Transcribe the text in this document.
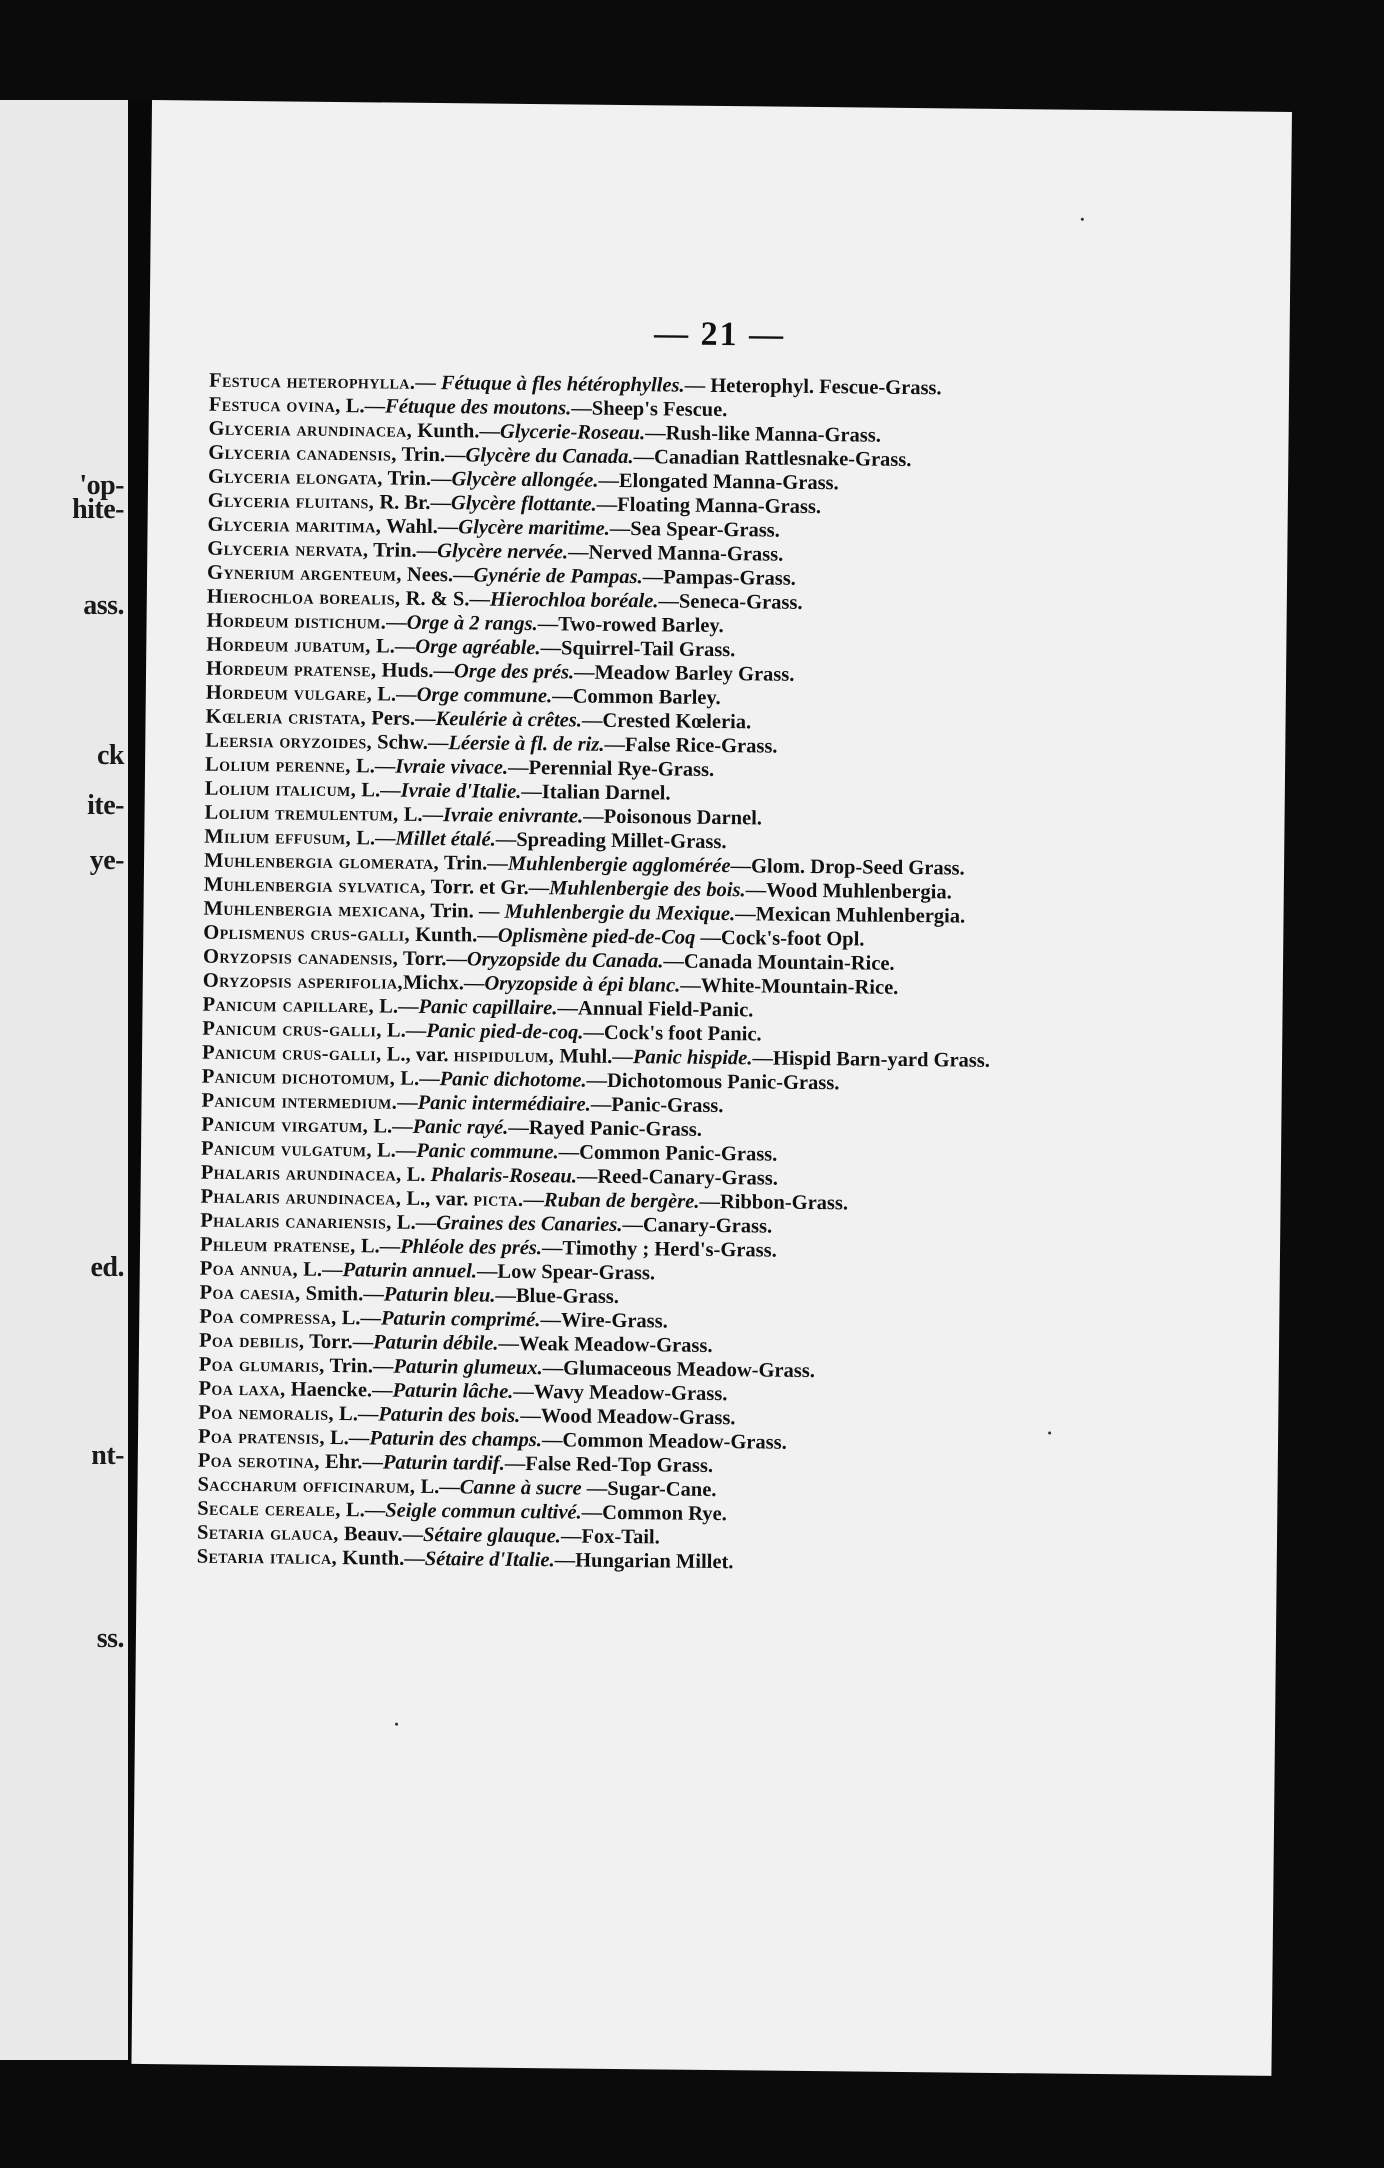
'op-
hite-
ass.
ck
ite-
ye-
ed.
nt-
ss.
— 21 —

Festuca heterophylla.— Fétuque à fles hétérophylles.— Heterophyl. Fescue-Grass.

Festuca ovina, L.—Fétuque des moutons.—Sheep's Fescue.

Glyceria arundinacea, Kunth.—Glycerie-Roseau.—Rush-like Manna-Grass.

Glyceria canadensis, Trin.—Glycère du Canada.—Canadian Rattlesnake-Grass.

Glyceria elongata, Trin.—Glycère allongée.—Elongated Manna-Grass.

Glyceria fluitans, R. Br.—Glycère flottante.—Floating Manna-Grass.

Glyceria maritima, Wahl.—Glycère maritime.—Sea Spear-Grass.

Glyceria nervata, Trin.—Glycère nervée.—Nerved Manna-Grass.

Gynerium argenteum, Nees.—Gynérie de Pampas.—Pampas-Grass.

Hierochloa borealis, R. & S.—Hierochloa boréale.—Seneca-Grass.

Hordeum distichum.—Orge à 2 rangs.—Two-rowed Barley.

Hordeum jubatum, L.—Orge agréable.—Squirrel-Tail Grass.

Hordeum pratense, Huds.—Orge des prés.—Meadow Barley Grass.

Hordeum vulgare, L.—Orge commune.—Common Barley.

Kœleria cristata, Pers.—Keulérie à crêtes.—Crested Kœleria.

Leersia oryzoides, Schw.—Léersie à fl. de riz.—False Rice-Grass.

Lolium perenne, L.—Ivraie vivace.—Perennial Rye-Grass.

Lolium italicum, L.—Ivraie d'Italie.—Italian Darnel.

Lolium tremulentum, L.—Ivraie enivrante.—Poisonous Darnel.

Milium effusum, L.—Millet étalé.—Spreading Millet-Grass.

Muhlenbergia glomerata, Trin.—Muhlenbergie agglomérée—Glom. Drop-Seed Grass.

Muhlenbergia sylvatica, Torr. et Gr.—Muhlenbergie des bois.—Wood Muhlenbergia.

Muhlenbergia mexicana, Trin. — Muhlenbergie du Mexique.—Mexican Muhlenbergia.

Oplismenus crus-galli, Kunth.—Oplismène pied-de-Coq —Cock's-foot Opl.

Oryzopsis canadensis, Torr.—Oryzopside du Canada.—Canada Mountain-Rice.

Oryzopsis asperifolia,Michx.—Oryzopside à épi blanc.—White-Mountain-Rice.

Panicum capillare, L.—Panic capillaire.—Annual Field-Panic.

Panicum crus-galli, L.—Panic pied-de-coq.—Cock's foot Panic.

Panicum crus-galli, L., var. hispidulum, Muhl.—Panic hispide.—Hispid Barn-yard Grass.

Panicum dichotomum, L.—Panic dichotome.—Dichotomous Panic-Grass.

Panicum intermedium.—Panic intermédiaire.—Panic-Grass.

Panicum virgatum, L.—Panic rayé.—Rayed Panic-Grass.

Panicum vulgatum, L.—Panic commune.—Common Panic-Grass.

Phalaris arundinacea, L. Phalaris-Roseau.—Reed-Canary-Grass.

Phalaris arundinacea, L., var. picta.—Ruban de bergère.—Ribbon-Grass.

Phalaris canariensis, L.—Graines des Canaries.—Canary-Grass.

Phleum pratense, L.—Phléole des prés.—Timothy ; Herd's-Grass.

Poa annua, L.—Paturin annuel.—Low Spear-Grass.

Poa caesia, Smith.—Paturin bleu.—Blue-Grass.

Poa compressa, L.—Paturin comprimé.—Wire-Grass.

Poa debilis, Torr.—Paturin débile.—Weak Meadow-Grass.

Poa glumaris, Trin.—Paturin glumeux.—Glumaceous Meadow-Grass.

Poa laxa, Haencke.—Paturin lâche.—Wavy Meadow-Grass.

Poa nemoralis, L.—Paturin des bois.—Wood Meadow-Grass.

Poa pratensis, L.—Paturin des champs.—Common Meadow-Grass.

Poa serotina, Ehr.—Paturin tardif.—False Red-Top Grass.

Saccharum officinarum, L.—Canne à sucre —Sugar-Cane.

Secale cereale, L.—Seigle commun cultivé.—Common Rye.

Setaria glauca, Beauv.—Sétaire glauque.—Fox-Tail.

Setaria italica, Kunth.—Sétaire d'Italie.—Hungarian Millet.
